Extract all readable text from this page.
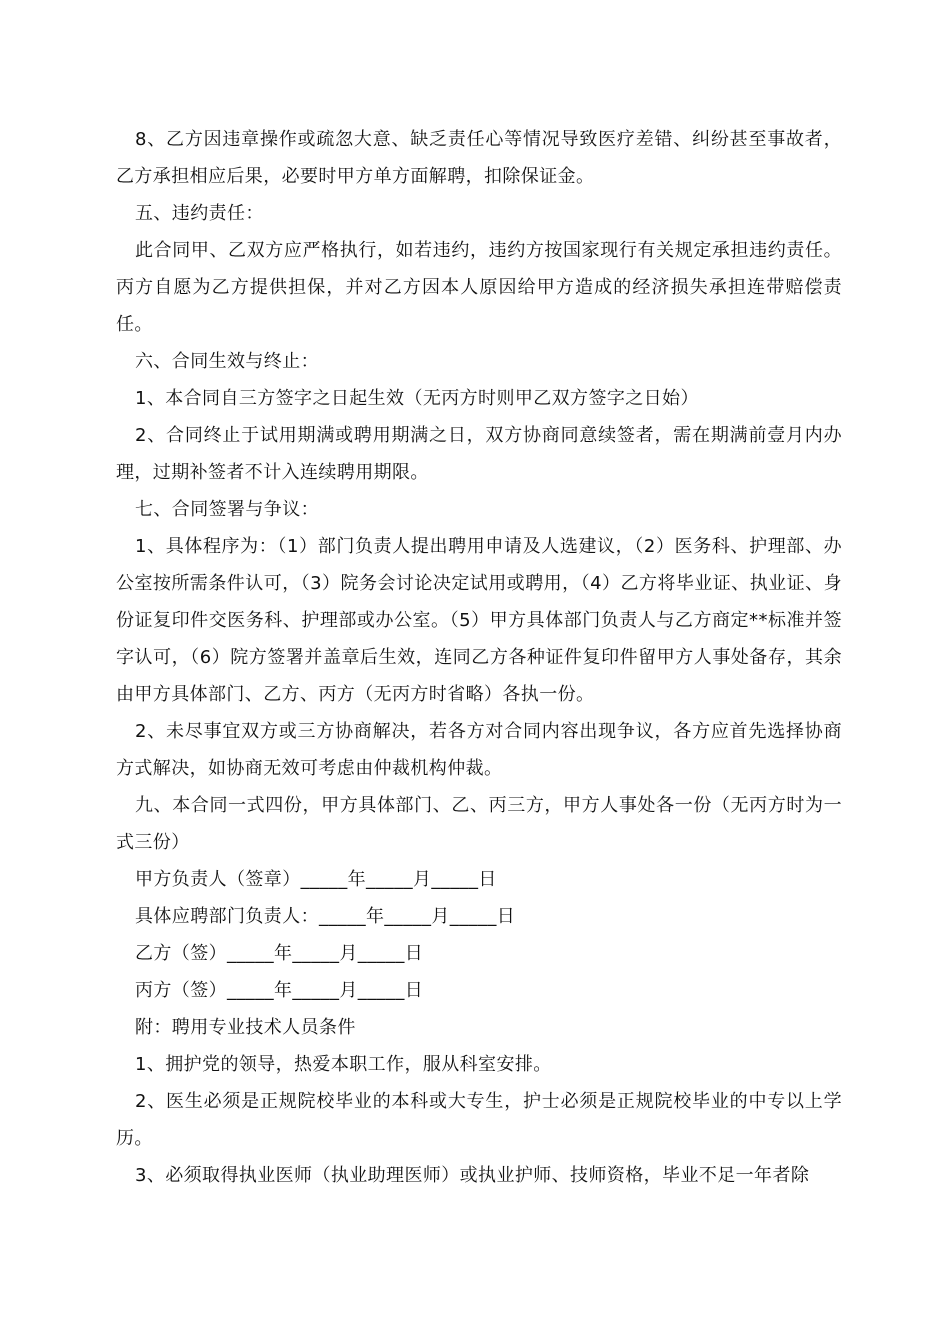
8、乙方因违章操作或疏忽大意、缺乏责任心等情况导致医疗差错、纠纷甚至事故者，乙方承担相应后果，必要时甲方单方面解聘，扣除保证金。

五、违约责任：

此合同甲、乙双方应严格执行，如若违约，违约方按国家现行有关规定承担违约责任。丙方自愿为乙方提供担保，并对乙方因本人原因给甲方造成的经济损失承担连带赔偿责任。

六、合同生效与终止：

1、本合同自三方签字之日起生效（无丙方时则甲乙双方签字之日始）

2、合同终止于试用期满或聘用期满之日，双方协商同意续签者，需在期满前壹月内办理，过期补签者不计入连续聘用期限。

七、合同签署与争议：

1、具体程序为：（1）部门负责人提出聘用申请及人选建议，（2）医务科、护理部、办公室按所需条件认可，（3）院务会讨论决定试用或聘用，（4）乙方将毕业证、执业证、身份证复印件交医务科、护理部或办公室。（5）甲方具体部门负责人与乙方商定**标准并签字认可，（6）院方签署并盖章后生效，连同乙方各种证件复印件留甲方人事处备存，其余由甲方具体部门、乙方、丙方（无丙方时省略）各执一份。

2、未尽事宜双方或三方协商解决，若各方对合同内容出现争议，各方应首先选择协商方式解决，如协商无效可考虑由仲裁机构仲裁。

九、本合同一式四份，甲方具体部门、乙、丙三方，甲方人事处各一份（无丙方时为一式三份）

甲方负责人（签章）_____年_____月_____日

具体应聘部门负责人：_____年_____月_____日

乙方（签）_____年_____月_____日

丙方（签）_____年_____月_____日

附：聘用专业技术人员条件

1、拥护党的领导，热爱本职工作，服从科室安排。

2、医生必须是正规院校毕业的本科或大专生，护士必须是正规院校毕业的中专以上学历。

3、必须取得执业医师（执业助理医师）或执业护师、技师资格，毕业不足一年者除
